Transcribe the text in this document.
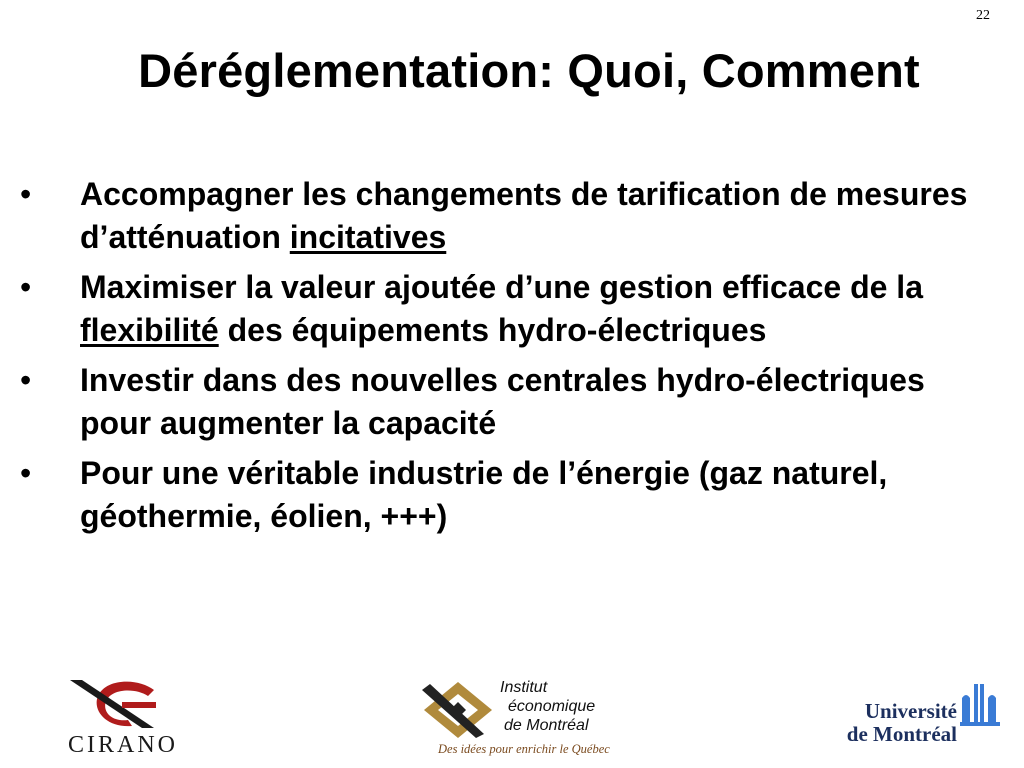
22
Déréglementation: Quoi, Comment
•	Accompagner les changements de tarification de mesures d’atténuation incitatives
•	Maximiser la valeur ajoutée d’une gestion efficace de la flexibilité des équipements hydro-électriques
•	Investir dans des nouvelles centrales hydro-électriques pour augmenter la capacité
•	Pour une véritable industrie de l’énergie (gaz naturel, géothermie, éolien, +++)
CIRANO
Institut
économique
de Montréal
Des idées pour enrichir le Québec
Université
de Montréal
